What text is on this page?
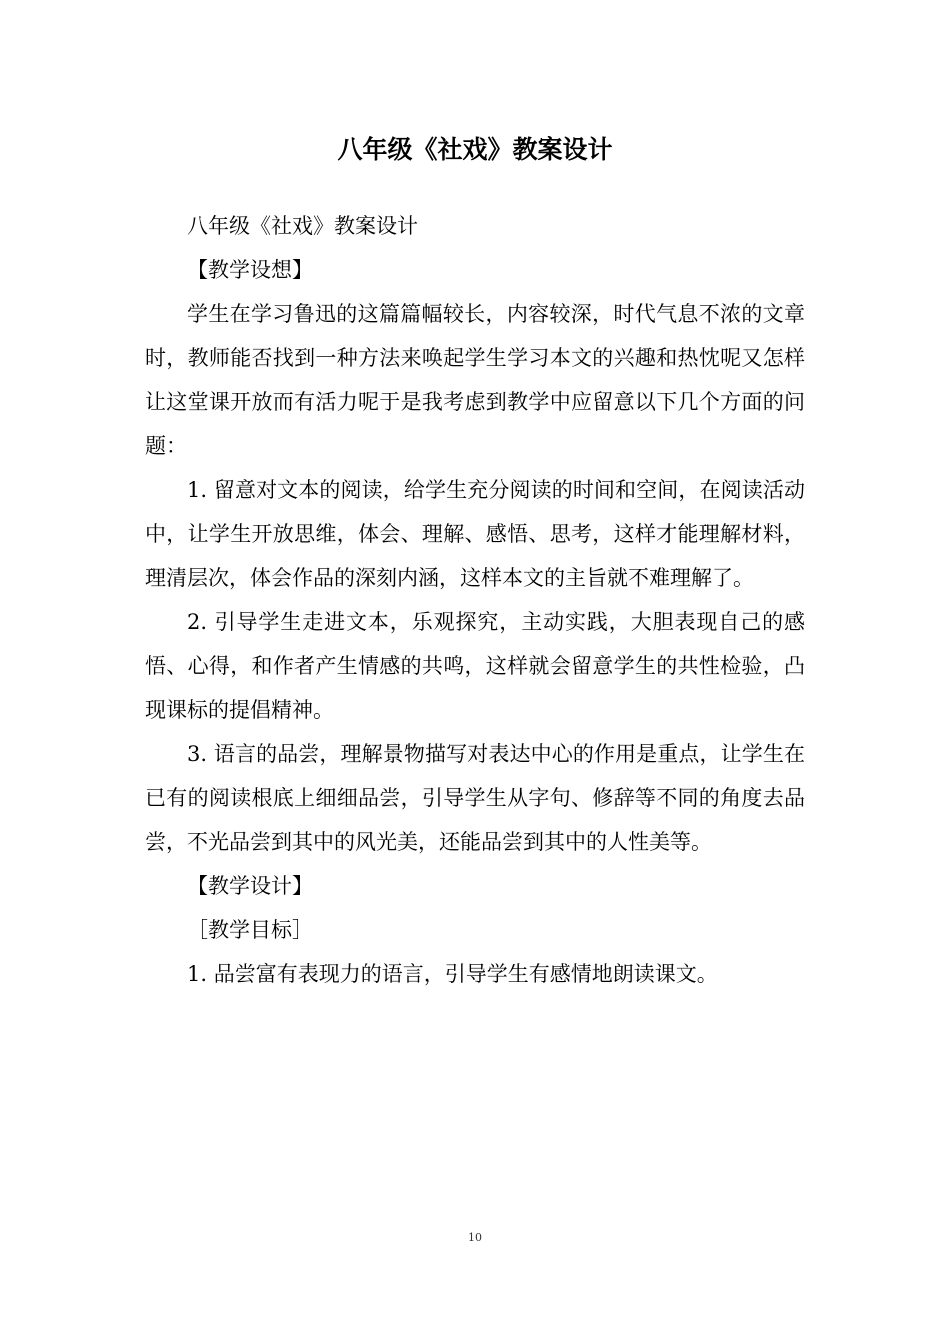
八年级《社戏》教案设计

八年级《社戏》教案设计

【教学设想】

学生在学习鲁迅的这篇篇幅较长，内容较深，时代气息不浓的文章时，教师能否找到一种方法来唤起学生学习本文的兴趣和热忱呢又怎样让这堂课开放而有活力呢于是我考虑到教学中应留意以下几个方面的问题：

1. 留意对文本的阅读，给学生充分阅读的时间和空间，在阅读活动中，让学生开放思维，体会、理解、感悟、思考，这样才能理解材料，理清层次，体会作品的深刻内涵，这样本文的主旨就不难理解了。

2. 引导学生走进文本，乐观探究，主动实践，大胆表现自己的感悟、心得，和作者产生情感的共鸣，这样就会留意学生的共性检验，凸现课标的提倡精神。

3. 语言的品尝，理解景物描写对表达中心的作用是重点，让学生在已有的阅读根底上细细品尝，引导学生从字句、修辞等不同的角度去品尝，不光品尝到其中的风光美，还能品尝到其中的人性美等。

【教学设计】

［教学目标］

1. 品尝富有表现力的语言，引导学生有感情地朗读课文。

10
